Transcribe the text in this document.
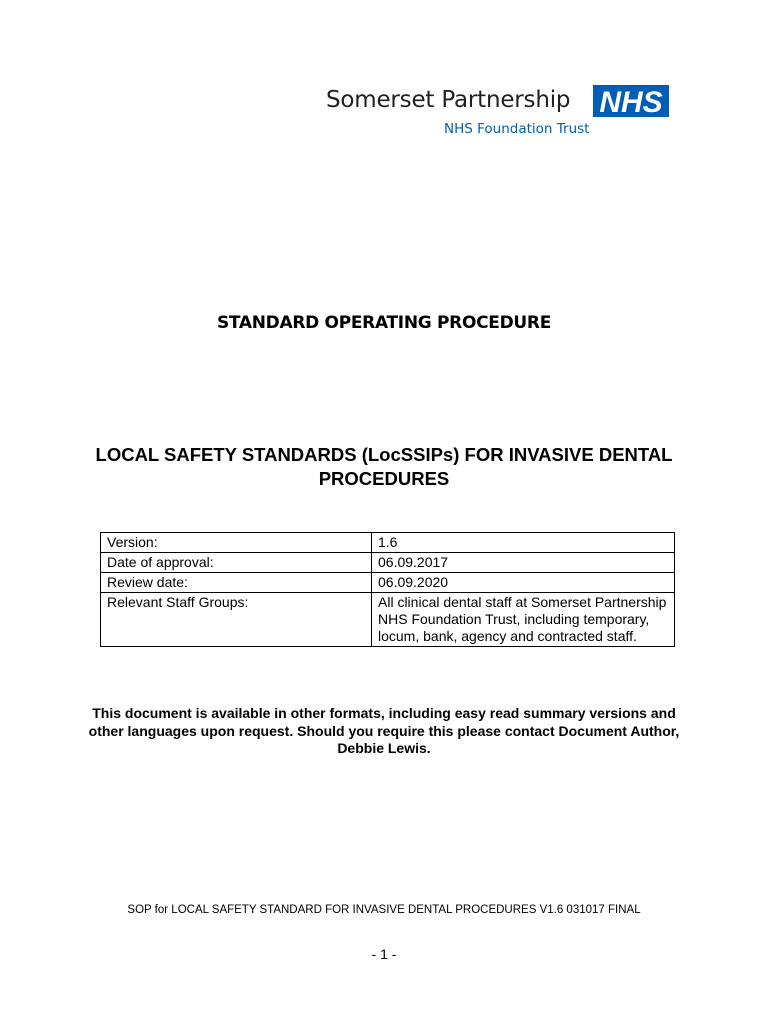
Somerset Partnership
NHS Foundation Trust
NHS
STANDARD OPERATING PROCEDURE
LOCAL SAFETY STANDARDS (LocSSIPs) FOR INVASIVE DENTAL PROCEDURES
Version:	1.6
Date of approval:	06.09.2017
Review date:	06.09.2020
Relevant Staff Groups:	All clinical dental staff at Somerset Partnership NHS Foundation Trust, including temporary, locum, bank, agency and contracted staff.
This document is available in other formats, including easy read summary versions and other languages upon request. Should you require this please contact Document Author, Debbie Lewis.
SOP for LOCAL SAFETY STANDARD FOR INVASIVE DENTAL PROCEDURES V1.6 031017 FINAL
- 1 -
